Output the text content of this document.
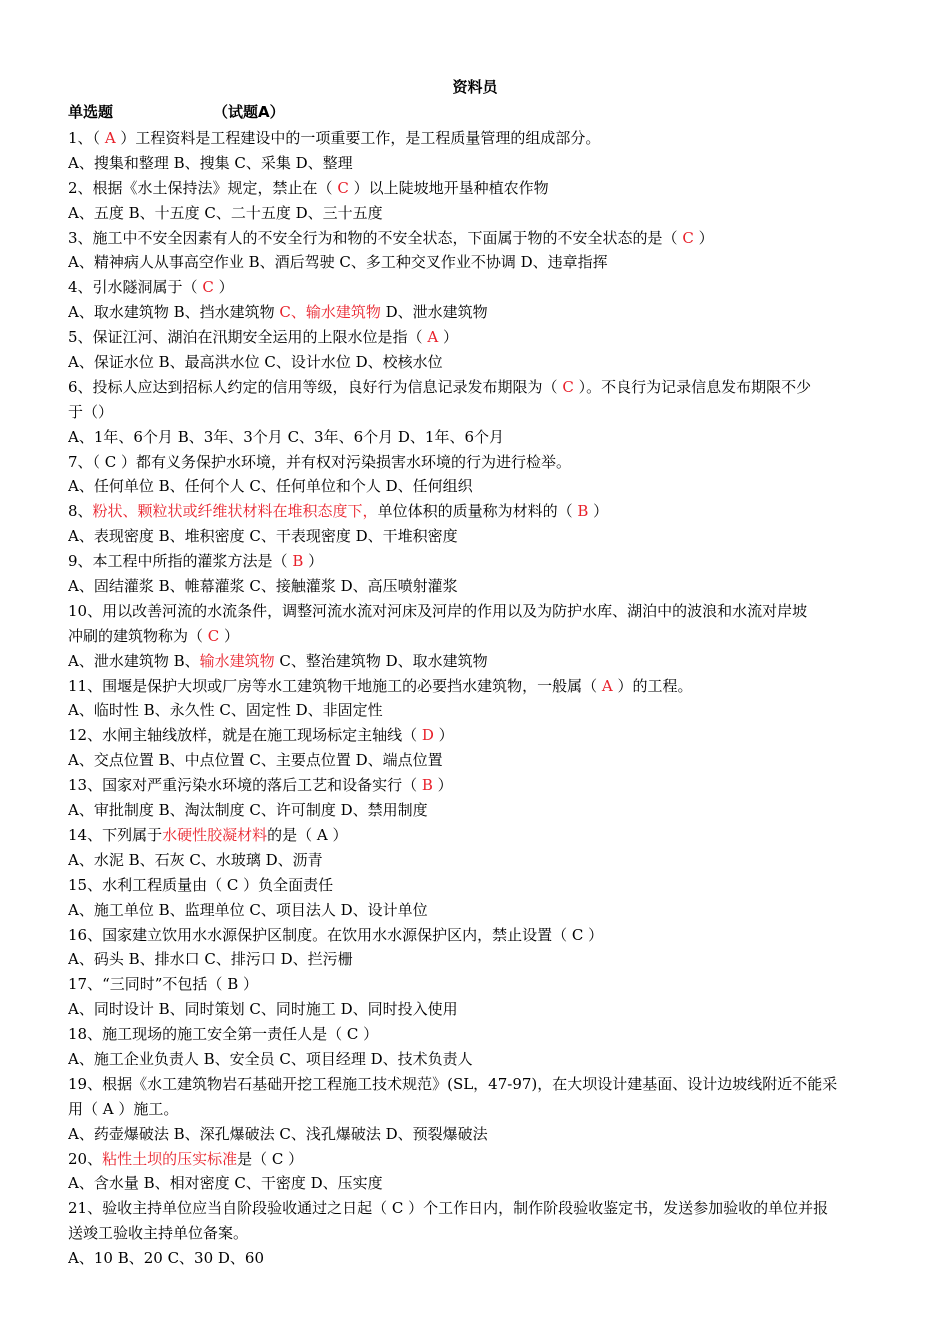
资料员
单选题	（试题A）
1、（ A ）工程资料是工程建设中的一项重要工作，是工程质量管理的组成部分。
A、搜集和整理 B、搜集 C、采集 D、整理
2、根据《水土保持法》规定，禁止在（ C ）以上陡坡地开垦种植农作物
A、五度 B、十五度 C、二十五度 D、三十五度
3、施工中不安全因素有人的不安全行为和物的不安全状态，下面属于物的不安全状态的是（ C ）
A、精神病人从事高空作业 B、酒后驾驶 C、多工种交叉作业不协调 D、违章指挥
4、引水隧洞属于（ C ）
A、取水建筑物 B、挡水建筑物 C、输水建筑物 D、泄水建筑物
5、保证江河、湖泊在汛期安全运用的上限水位是指（ A ）
A、保证水位 B、最高洪水位 C、设计水位 D、校核水位
6、投标人应达到招标人约定的信用等级，良好行为信息记录发布期限为（ C ）。不良行为记录信息发布期限不少
于（）
A、1年、6个月 B、3年、3个月 C、3年、6个月 D、1年、6个月
7、（ C ）都有义务保护水环境，并有权对污染损害水环境的行为进行检举。
A、任何单位 B、任何个人 C、任何单位和个人 D、任何组织
8、粉状、颗粒状或纤维状材料在堆积态度下，单位体积的质量称为材料的（ B ）
A、表现密度 B、堆积密度 C、干表现密度 D、干堆积密度
9、本工程中所指的灌浆方法是（ B ）
A、固结灌浆 B、帷幕灌浆 C、接触灌浆 D、高压喷射灌浆
10、用以改善河流的水流条件，调整河流水流对河床及河岸的作用以及为防护水库、湖泊中的波浪和水流对岸坡
冲刷的建筑物称为（ C ）
A、泄水建筑物 B、输水建筑物 C、整治建筑物 D、取水建筑物
11、围堰是保护大坝或厂房等水工建筑物干地施工的必要挡水建筑物，一般属（ A ）的工程。
A、临时性 B、永久性 C、固定性 D、非固定性
12、水闸主轴线放样，就是在施工现场标定主轴线（ D ）
A、交点位置 B、中点位置 C、主要点位置 D、端点位置
13、国家对严重污染水环境的落后工艺和设备实行（ B ）
A、审批制度 B、淘汰制度 C、许可制度 D、禁用制度
14、下列属于水硬性胶凝材料的是（ A ）
A、水泥 B、石灰 C、水玻璃 D、沥青
15、水利工程质量由（ C ）负全面责任
A、施工单位 B、监理单位 C、项目法人 D、设计单位
16、国家建立饮用水水源保护区制度。在饮用水水源保护区内，禁止设置（ C ）
A、码头 B、排水口 C、排污口 D、拦污栅
17、“三同时”不包括（ B ）
A、同时设计 B、同时策划 C、同时施工 D、同时投入使用
18、施工现场的施工安全第一责任人是（ C ）
A、施工企业负责人 B、安全员 C、项目经理 D、技术负责人
19、根据《水工建筑物岩石基础开挖工程施工技术规范》(SL，47-97)，在大坝设计建基面、设计边坡线附近不能采
用（ A ）施工。
A、药壶爆破法 B、深孔爆破法 C、浅孔爆破法 D、预裂爆破法
20、粘性土坝的压实标准是（ C ）
A、含水量 B、相对密度 C、干密度 D、压实度
21、验收主持单位应当自阶段验收通过之日起（ C ）个工作日内，制作阶段验收鉴定书，发送参加验收的单位并报
送竣工验收主持单位备案。
A、10 B、20 C、30 D、60
